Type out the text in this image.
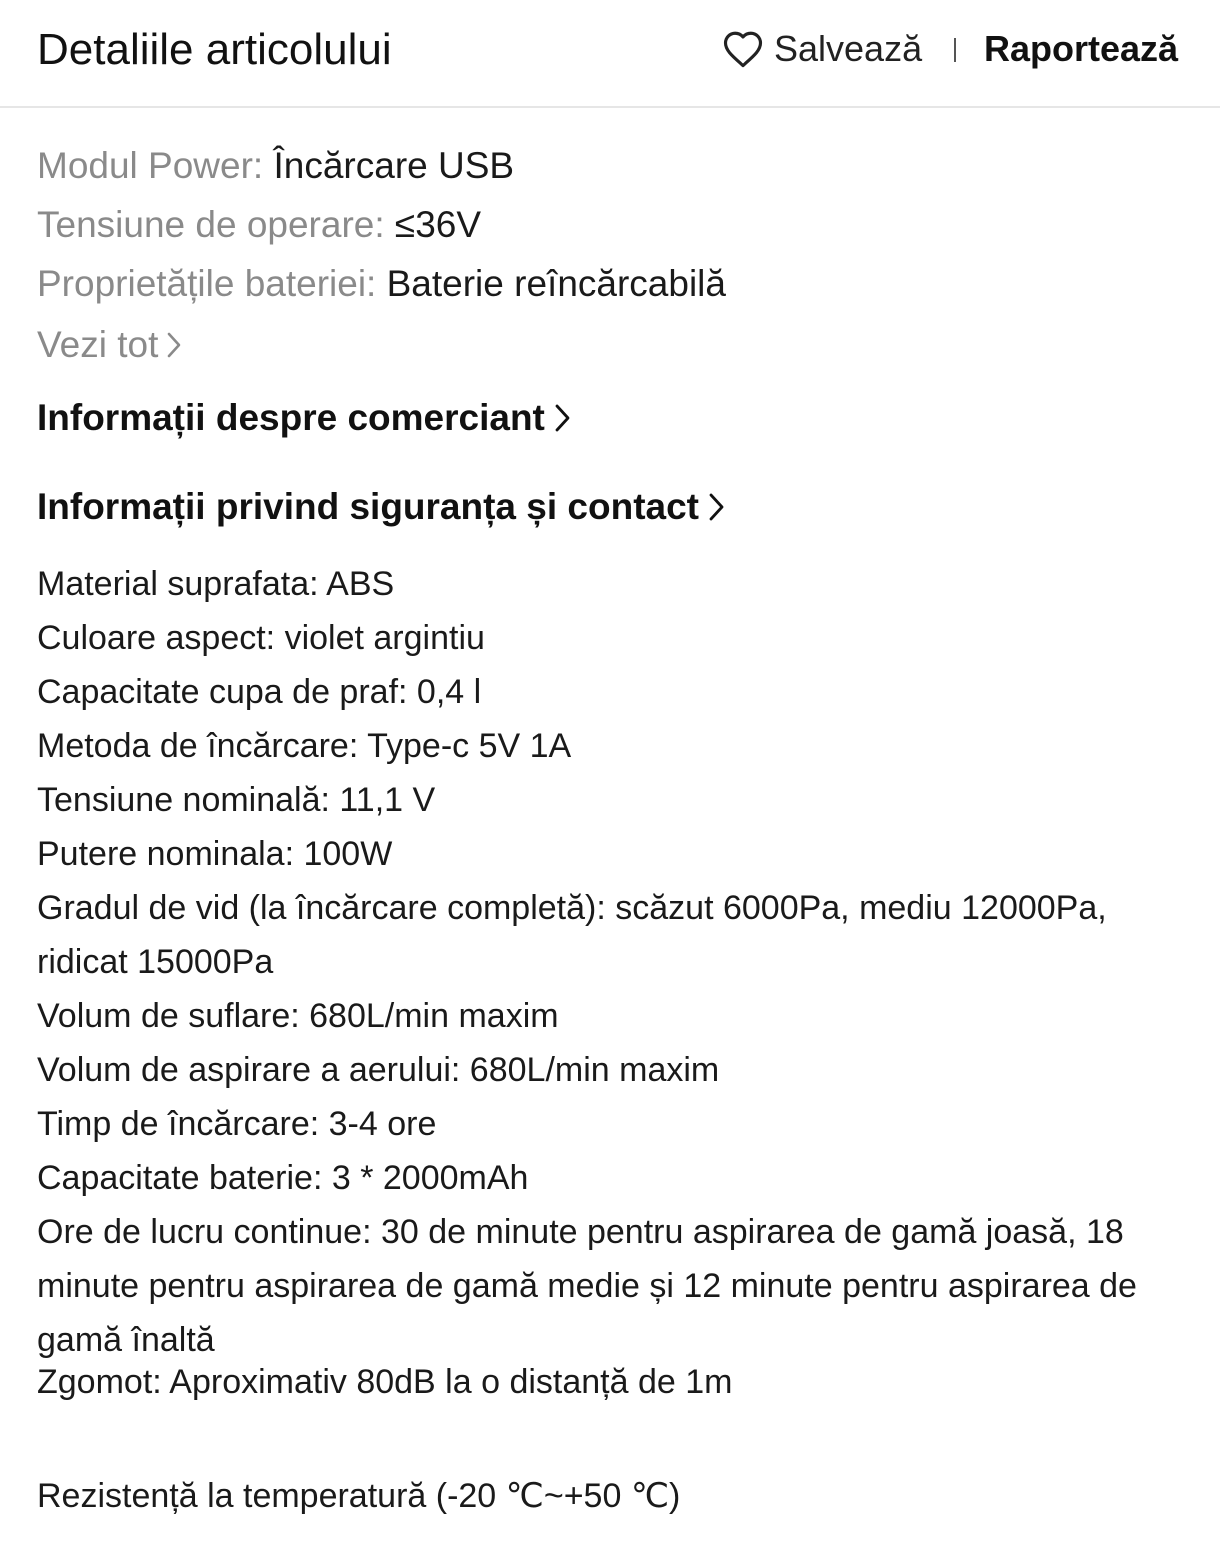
Detaliile articolului	Salvează Raportează
Modul Power: Încărcare USB
Tensiune de operare: ≤36V
Proprietățile bateriei: Baterie reîncărcabilă
Vezi tot
Informații despre comerciant
Informații privind siguranța și contact

Material suprafata: ABS

Culoare aspect: violet argintiu

Capacitate cupa de praf: 0,4 l

Metoda de încărcare: Type-c 5V 1A

Tensiune nominală: 11,1 V

Putere nominala: 100W

Gradul de vid (la încărcare completă): scăzut 6000Pa, mediu 12000Pa, ridicat 15000Pa

Volum de suflare: 680L/min maxim

Volum de aspirare a aerului: 680L/min maxim

Timp de încărcare: 3-4 ore

Capacitate baterie: 3 * 2000mAh

Ore de lucru continue: 30 de minute pentru aspirarea de gamă joasă, 18 minute pentru aspirarea de gamă medie și 12 minute pentru aspirarea de gamă înaltă

Zgomot: Aproximativ 80dB la o distanță de 1m

Rezistență la temperatură (-20 ℃~+50 ℃)
